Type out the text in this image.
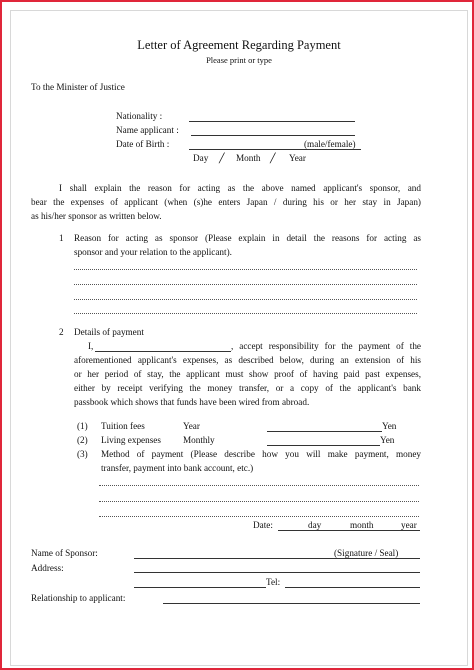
Letter of Agreement Regarding Payment
Please print or type
To the Minister of Justice
Nationality :
Name applicant :
Date of Birth :	(male/female)
Day ╱ Month ╱ Year
I shall explain the reason for acting as the above named applicant's sponsor, and
bear the expenses of applicant (when (s)he enters Japan / during his or her stay in Japan)
as his/her sponsor as written below.
1 Reason for acting as sponsor (Please explain in detail the reasons for acting as
sponsor and your relation to the applicant).
2 Details of payment
I,	, accept responsibility for the payment of the
aforementioned applicant's expenses, as described below, during an extension of his
or her period of stay, the applicant must show proof of having paid past expenses,
either by receipt verifying the money transfer, or a copy of the applicant's bank
passbook which shows that funds have been wired from abroad.
(1) Tuition fees	Year	Yen
(2) Living expenses Monthly	Yen
(3) Method of payment (Please describe how you will make payment, money
transfer, payment into bank account, etc.)
Date:	day	month	year
Name of Sponsor:	(Signature / Seal)
Address:
Tel:
Relationship to applicant:
